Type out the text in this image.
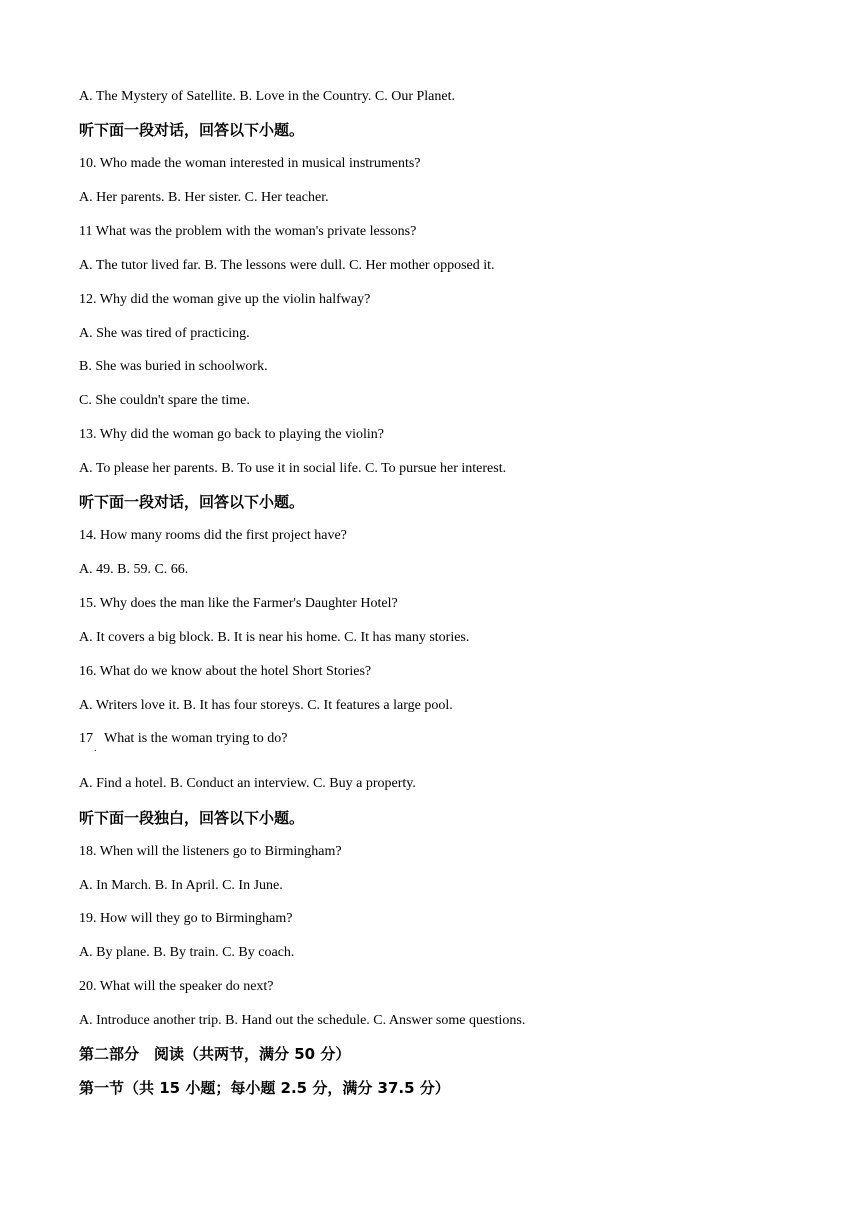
A. The Mystery of Satellite. B. Love in the Country. C. Our Planet.
听下面一段对话，回答以下小题。
10. Who made the woman interested in musical instruments?
A. Her parents. B. Her sister. C. Her teacher.
11 What was the problem with the woman's private lessons?
A. The tutor lived far. B. The lessons were dull. C. Her mother opposed it.
12. Why did the woman give up the violin halfway?
A. She was tired of practicing.
B. She was buried in schoolwork.
C. She couldn't spare the time.
13. Why did the woman go back to playing the violin?
A. To please her parents. B. To use it in social life. C. To pursue her interest.
听下面一段对话，回答以下小题。
14. How many rooms did the first project have?
A. 49. B. 59. C. 66.
15. Why does the man like the Farmer's Daughter Hotel?
A. It covers a big block. B. It is near his home. C. It has many stories.
16. What do we know about the hotel Short Stories?
A. Writers love it. B. It has four storeys. C. It features a large pool.
17 . What is the woman trying to do?
A. Find a hotel. B. Conduct an interview. C. Buy a property.
听下面一段独白，回答以下小题。
18. When will the listeners go to Birmingham?
A. In March. B. In April. C. In June.
19. How will they go to Birmingham?
A. By plane. B. By train. C. By coach.
20. What will the speaker do next?
A. Introduce another trip. B. Hand out the schedule. C. Answer some questions.
第二部分　阅读（共两节，满分 50 分）
第一节（共 15 小题；每小题 2.5 分，满分 37.5 分）
